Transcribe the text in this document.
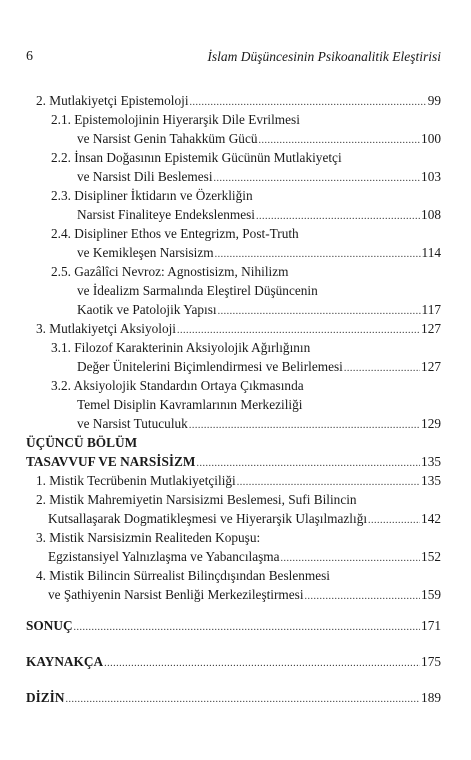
6	İslam Düşüncesinin Psikoanalitik Eleştirisi
2. Mutlakiyetçi Epistemoloji .....	99
2.1. Epistemolojinin Hiyerarşik Dile Evrilmesi
ve Narsist Genin Tahakküm Gücü .....	100
2.2. İnsan Doğasının Epistemik Gücünün Mutlakiyetçi
ve Narsist Dili Beslemesi .....	103
2.3. Disipliner İktidarın ve Özerkliğin
Narsist Finaliteye Endekslenmesi .....	108
2.4. Disipliner Ethos ve Entegrizm, Post-Truth
ve Kemikleşen Narsisizm .....	114
2.5. Gazâlîci Nevroz: Agnostisizm, Nihilizm
ve İdealizm Sarmalında Eleştirel Düşüncenin
Kaotik ve Patolojik Yapısı .....	117
3. Mutlakiyetçi Aksiyoloji .....	127
3.1. Filozof Karakterinin Aksiyolojik Ağırlığının
Değer Ünitelerini Biçimlendirmesi ve Belirlemesi .....	127
3.2. Aksiyolojik Standardın Ortaya Çıkmasında
Temel Disiplin Kavramlarının Merkeziliği
ve Narsist Tutuculuk .....	129
ÜÇÜNCÜ BÖLÜM
TASAVVUF VE NARSİSİZM .....	135
1. Mistik Tecrübenin Mutlakiyetçiliği .....	135
2. Mistik Mahremiyetin Narsisizmi Beslemesi, Sufi Bilincin
Kutsallaşarak Dogmatikleşmesi ve Hiyerarşik Ulaşılmazlığı .....	142
3. Mistik Narsisizmin Realiteden Kopuşu:
Egzistansiyel Yalnızlaşma ve Yabancılaşma .....	152
4. Mistik Bilincin Sürrealist Bilinçdışından Beslenmesi
ve Şathiyenin Narsist Benliği Merkezileştirmesi .....	159
SONUÇ .....	171
KAYNAKÇA .....	175
DİZİN .....	189
